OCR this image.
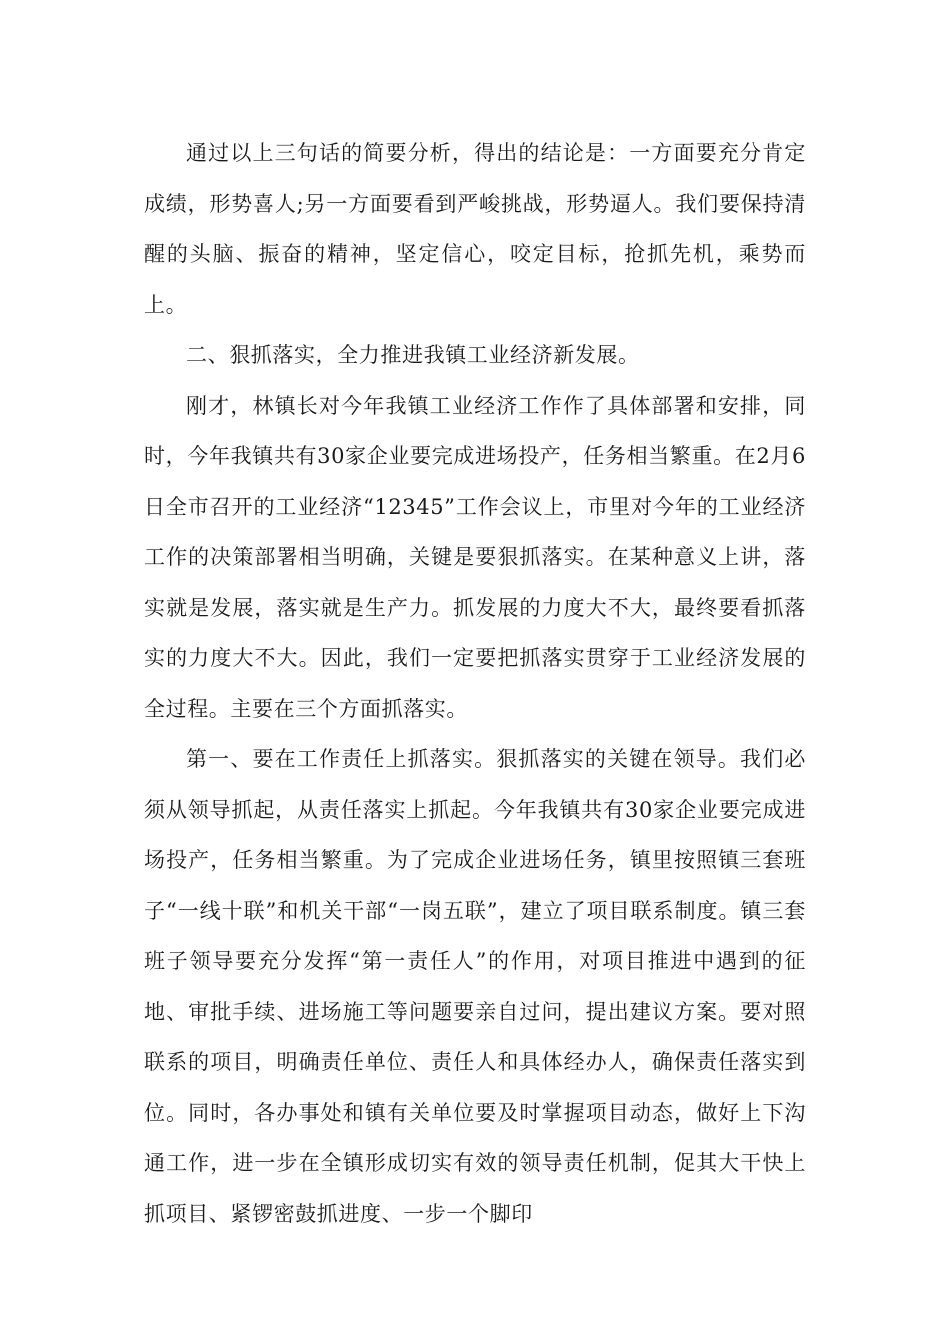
通过以上三句话的简要分析，得出的结论是：一方面要充分肯定成绩，形势喜人;另一方面要看到严峻挑战，形势逼人。我们要保持清醒的头脑、振奋的精神，坚定信心，咬定目标，抢抓先机，乘势而上。

二、狠抓落实，全力推进我镇工业经济新发展。

刚才，林镇长对今年我镇工业经济工作作了具体部署和安排，同时，今年我镇共有30家企业要完成进场投产，任务相当繁重。在2月6日全市召开的工业经济“12345”工作会议上，市里对今年的工业经济工作的决策部署相当明确，关键是要狠抓落实。在某种意义上讲，落实就是发展，落实就是生产力。抓发展的力度大不大，最终要看抓落实的力度大不大。因此，我们一定要把抓落实贯穿于工业经济发展的全过程。主要在三个方面抓落实。

第一、要在工作责任上抓落实。狠抓落实的关键在领导。我们必须从领导抓起，从责任落实上抓起。今年我镇共有30家企业要完成进场投产，任务相当繁重。为了完成企业进场任务，镇里按照镇三套班子“一线十联”和机关干部“一岗五联”，建立了项目联系制度。镇三套班子领导要充分发挥“第一责任人”的作用，对项目推进中遇到的征地、审批手续、进场施工等问题要亲自过问，提出建议方案。要对照联系的项目，明确责任单位、责任人和具体经办人，确保责任落实到位。同时，各办事处和镇有关单位要及时掌握项目动态，做好上下沟通工作，进一步在全镇形成切实有效的领导责任机制，促其大干快上抓项目、紧锣密鼓抓进度、一步一个脚印
